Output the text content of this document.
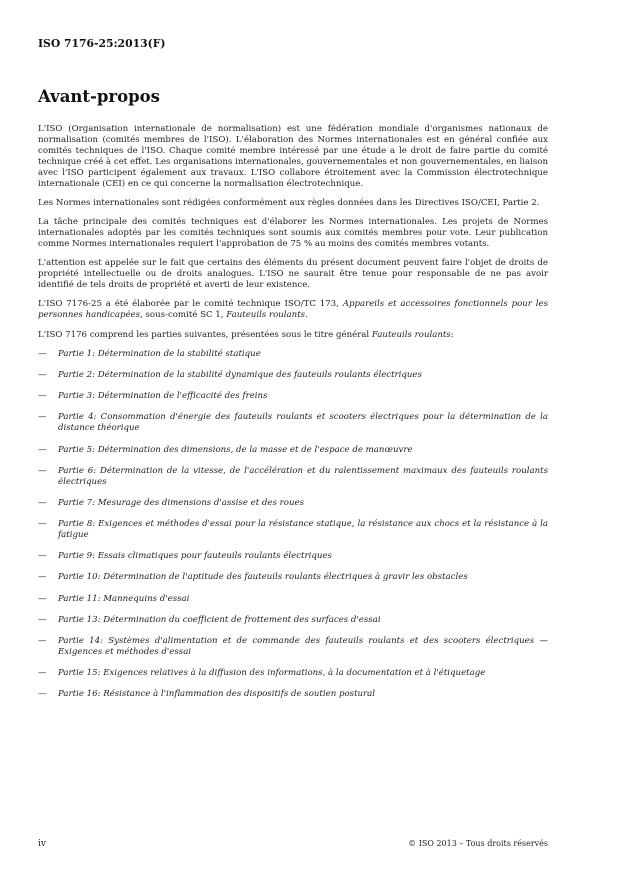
ISO 7176-25:2013(F)
Avant-propos

L'ISO (Organisation internationale de normalisation) est une fédération mondiale d'organismes nationaux de normalisation (comités membres de l'ISO). L'élaboration des Normes internationales est en général confiée aux comités techniques de l'ISO. Chaque comité membre intéressé par une étude a le droit de faire partie du comité technique créé à cet effet. Les organisations internationales, gouvernementales et non gouvernementales, en liaison avec l'ISO participent également aux travaux. L'ISO collabore étroitement avec la Commission électrotechnique internationale (CEI) en ce qui concerne la normalisation électrotechnique.

Les Normes internationales sont rédigées conformément aux règles données dans les Directives ISO/CEI, Partie 2.

La tâche principale des comités techniques est d'élaborer les Normes internationales. Les projets de Normes internationales adoptés par les comités techniques sont soumis aux comités membres pour vote. Leur publication comme Normes internationales requiert l'approbation de 75 % au moins des comités membres votants.

L'attention est appelée sur le fait que certains des éléments du présent document peuvent faire l'objet de droits de propriété intellectuelle ou de droits analogues. L'ISO ne saurait être tenue pour responsable de ne pas avoir identifié de tels droits de propriété et averti de leur existence.

L'ISO 7176-25 a été élaborée par le comité technique ISO/TC 173, Appareils et accessoires fonctionnels pour les personnes handicapées, sous-comité SC 1, Fauteuils roulants.

L'ISO 7176 comprend les parties suivantes, présentées sous le titre général Fauteuils roulants:

— Partie 1: Détermination de la stabilité statique
— Partie 2: Détermination de la stabilité dynamique des fauteuils roulants électriques
— Partie 3: Détermination de l'efficacité des freins
— Partie 4: Consommation d'énergie des fauteuils roulants et scooters électriques pour la détermination de la distance théorique
— Partie 5: Détermination des dimensions, de la masse et de l'espace de manœuvre
— Partie 6: Détermination de la vitesse, de l'accélération et du ralentissement maximaux des fauteuils roulants électriques
— Partie 7: Mesurage des dimensions d'assise et des roues
— Partie 8: Exigences et méthodes d'essai pour la résistance statique, la résistance aux chocs et la résistance à la fatigue
— Partie 9: Essais climatiques pour fauteuils roulants électriques
— Partie 10: Détermination de l'aptitude des fauteuils roulants électriques à gravir les obstacles
— Partie 11: Mannequins d'essai
— Partie 13: Détermination du coefficient de frottement des surfaces d'essai
— Partie 14: Systèmes d'alimentation et de commande des fauteuils roulants et des scooters électriques — Exigences et méthodes d'essai
— Partie 15: Exigences relatives à la diffusion des informations, à la documentation et à l'étiquetage
— Partie 16: Résistance à l'inflammation des dispositifs de soutien postural
iv	© ISO 2013 – Tous droits réservés
